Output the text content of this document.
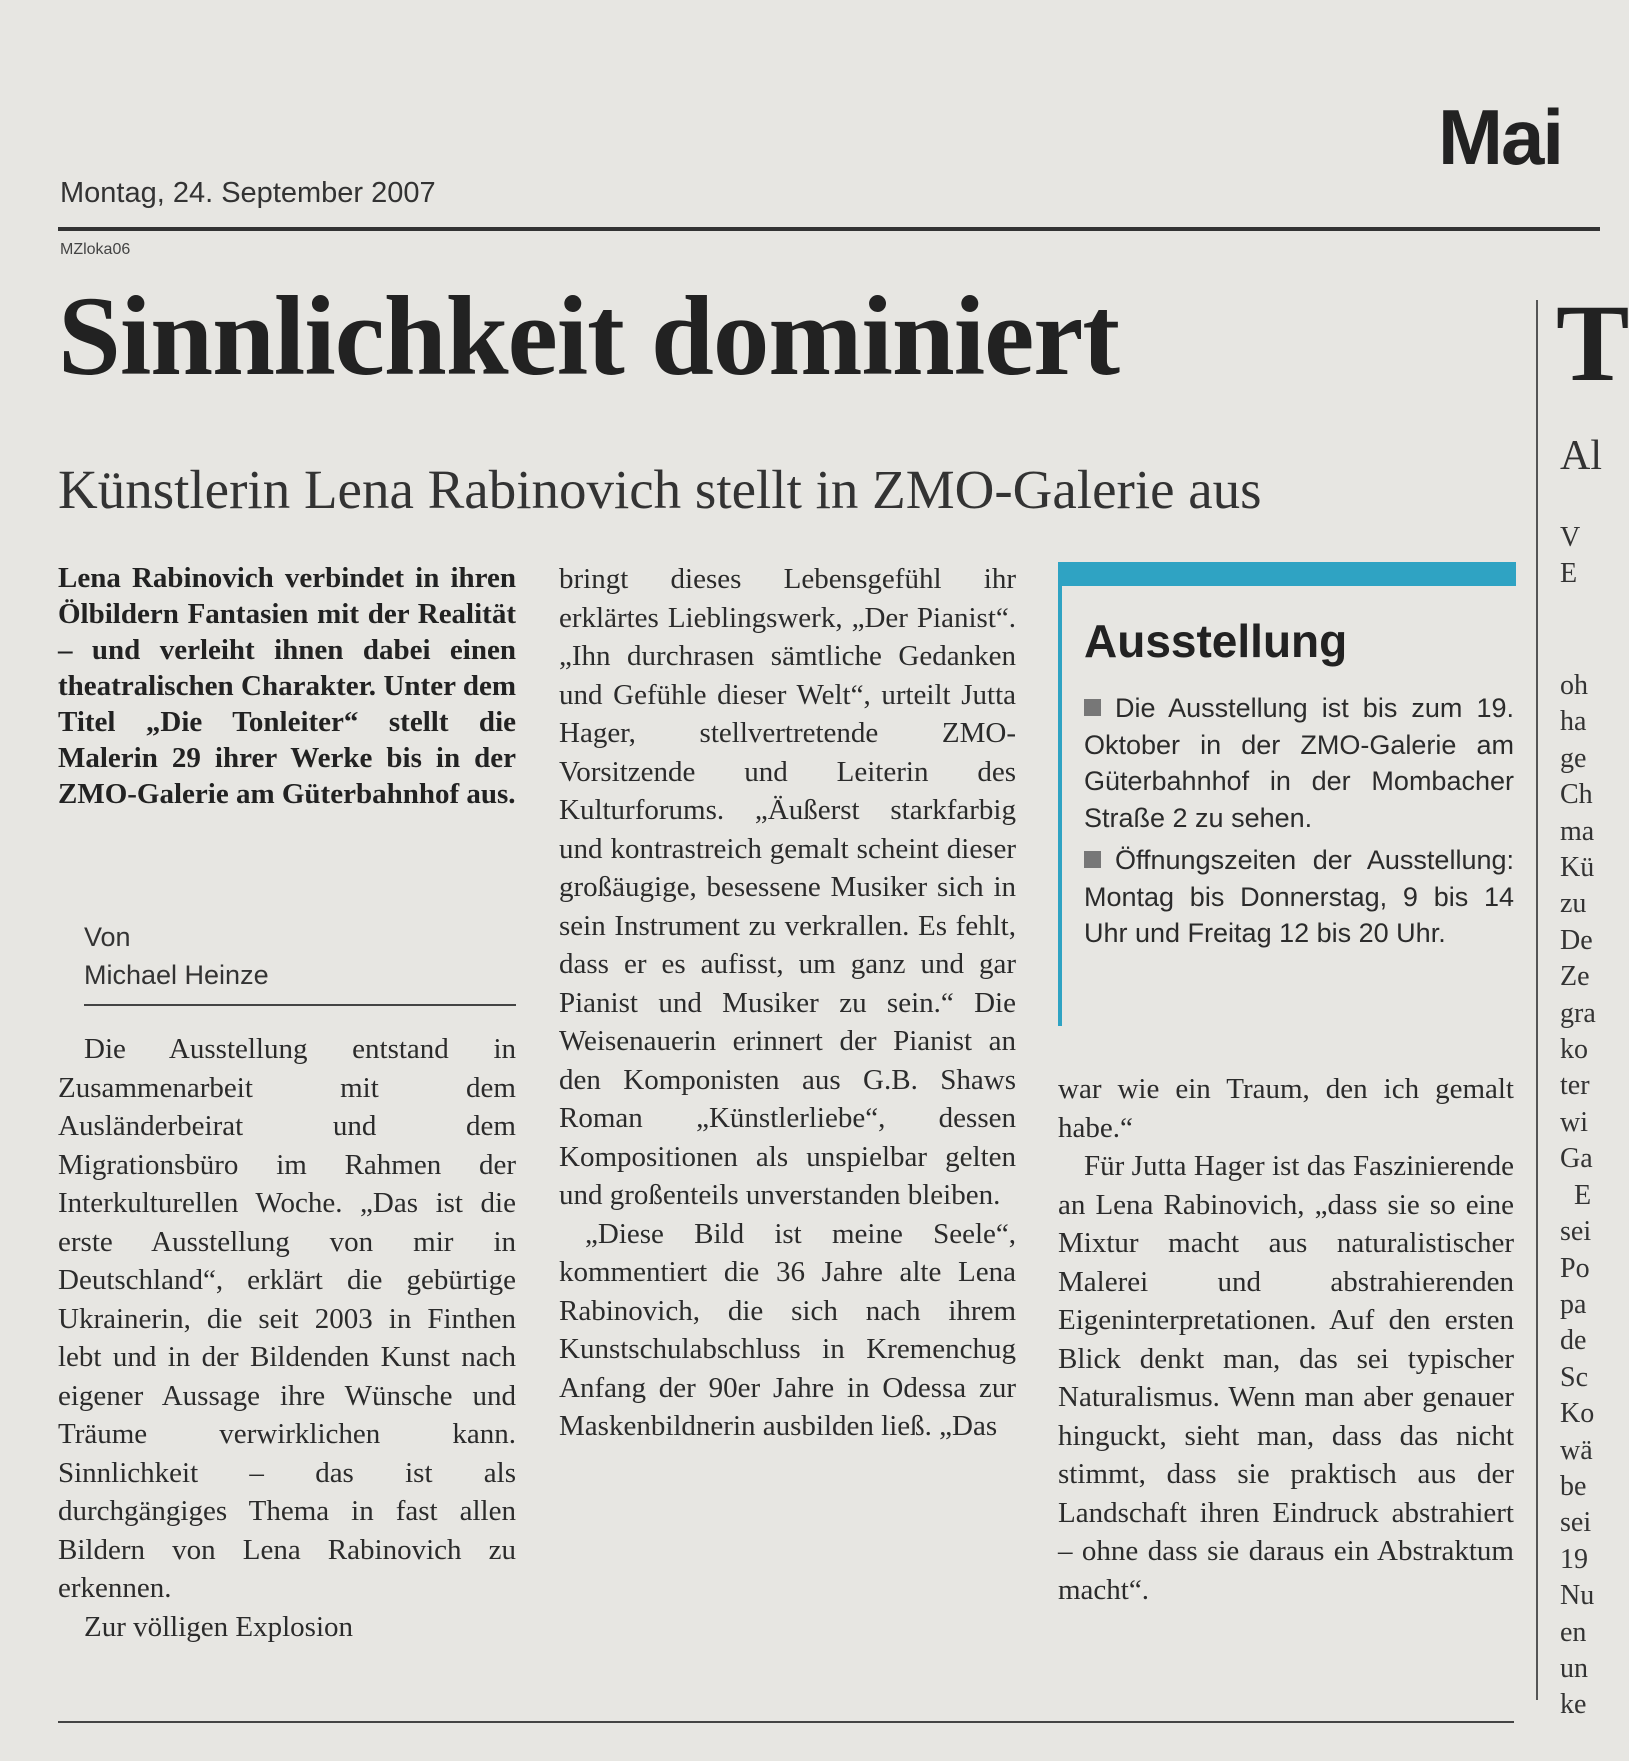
Mai
Montag, 24. September 2007
MZloka06
Sinnlichkeit dominiert
Künstlerin Lena Rabinovich stellt in ZMO-Galerie aus
Lena Rabinovich verbindet in ihren Ölbildern Fantasien mit der Realität – und verleiht ihnen dabei einen theatralischen Charakter. Unter dem Titel „Die Tonleiter“ stellt die Malerin 29 ihrer Werke bis in der ZMO-Galerie am Güterbahnhof aus.
Von
Michael Heinze

Die Ausstellung entstand in Zusammenarbeit mit dem Ausländerbeirat und dem Migrationsbüro im Rahmen der Interkulturellen Woche. „Das ist die erste Ausstellung von mir in Deutschland“, erklärt die gebürtige Ukrainerin, die seit 2003 in Finthen lebt und in der Bildenden Kunst nach eigener Aussage ihre Wünsche und Träume verwirklichen kann. Sinnlichkeit – das ist als durchgängiges Thema in fast allen Bildern von Lena Rabinovich zu erkennen.

Zur völligen Explosion

bringt dieses Lebensgefühl ihr erklärtes Lieblingswerk, „Der Pianist“. „Ihn durchrasen sämtliche Gedanken und Gefühle dieser Welt“, urteilt Jutta Hager, stellvertretende ZMO-Vorsitzende und Leiterin des Kulturforums. „Äußerst starkfarbig und kontrastreich gemalt scheint dieser großäugige, besessene Musiker sich in sein Instrument zu verkrallen. Es fehlt, dass er es aufisst, um ganz und gar Pianist und Musiker zu sein.“ Die Weisenauerin erinnert der Pianist an den Komponisten aus G.B. Shaws Roman „Künstlerliebe“, dessen Kompositionen als unspielbar gelten und großenteils unverstanden bleiben.

„Diese Bild ist meine Seele“, kommentiert die 36 Jahre alte Lena Rabinovich, die sich nach ihrem Kunstschulabschluss in Kremenchug Anfang der 90er Jahre in Odessa zur Maskenbildnerin ausbilden ließ. „Das

Ausstellung

Die Ausstellung ist bis zum 19. Oktober in der ZMO-Galerie am Güterbahnhof in der Mombacher Straße 2 zu sehen.

Öffnungszeiten der Ausstellung: Montag bis Donnerstag, 9 bis 14 Uhr und Freitag 12 bis 20 Uhr.

war wie ein Traum, den ich gemalt habe.“

Für Jutta Hager ist das Faszinierende an Lena Rabinovich, „dass sie so eine Mixtur macht aus naturalistischer Malerei und abstrahierenden Eigeninterpretationen. Auf den ersten Blick denkt man, das sei typischer Naturalismus. Wenn man aber genauer hinguckt, sieht man, dass das nicht stimmt, dass sie praktisch aus der Landschaft ihren Eindruck abstrahiert – ohne dass sie daraus ein Abstraktum macht“.

T
Al
V
E
oh
ha
ge
Ch
ma
Kü
zu
De
Ze
gra
ko
ter
wi
Ga
E
sei
Po
pa
de
Sc
Ko
wä
be
sei
19
Nu
en
un
ke
